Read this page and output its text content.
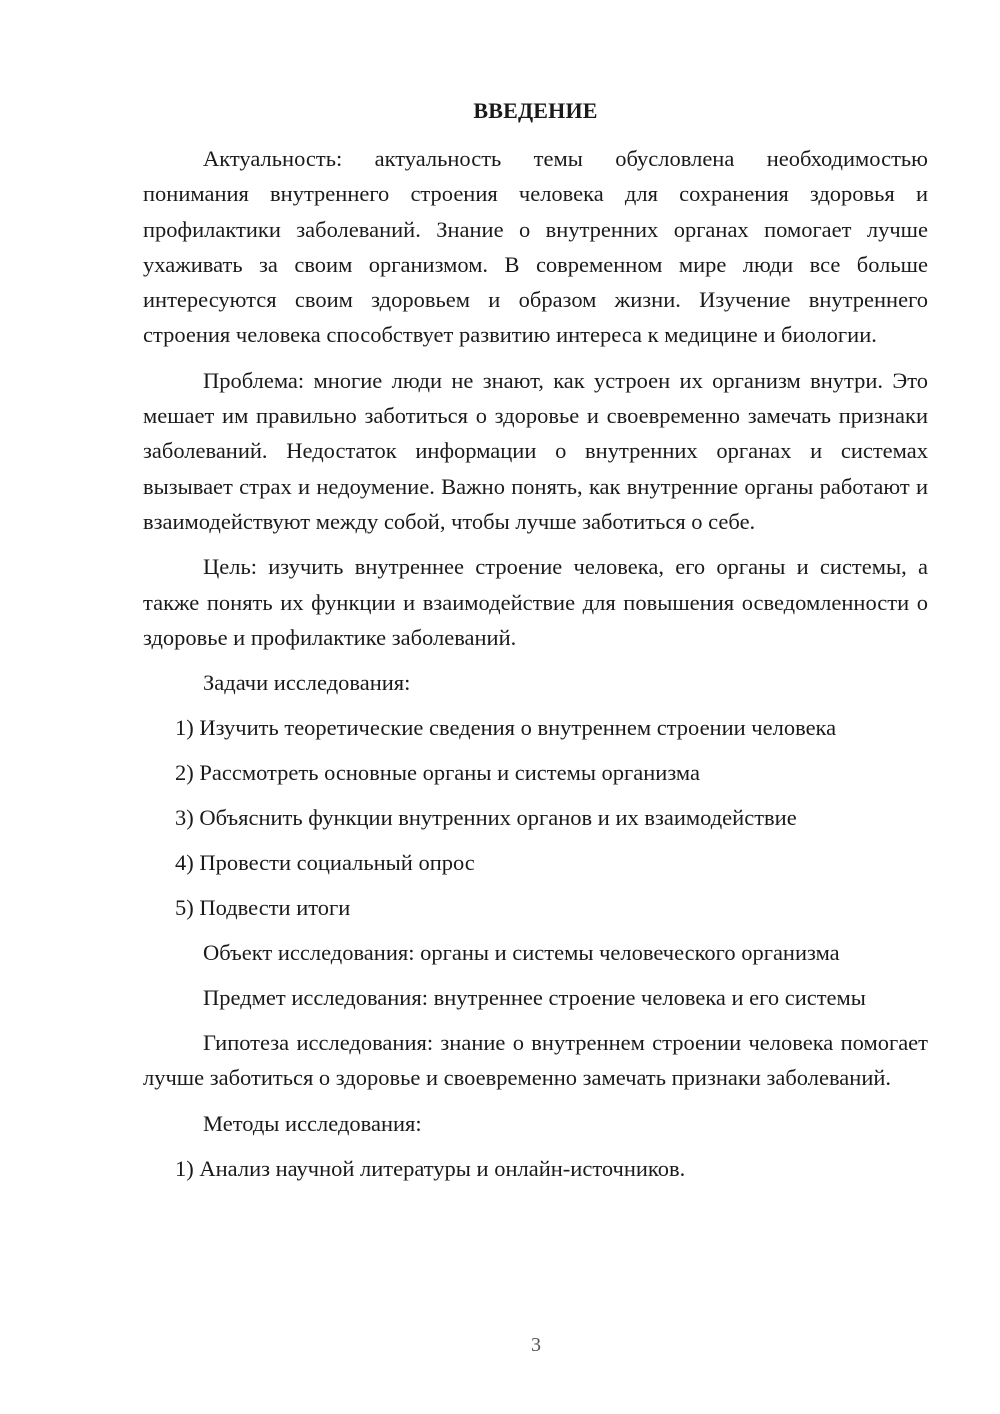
ВВЕДЕНИЕ
Актуальность: актуальность темы обусловлена необходимостью понимания внутреннего строения человека для сохранения здоровья и профилактики заболеваний. Знание о внутренних органах помогает лучше ухаживать за своим организмом. В современном мире люди все больше интересуются своим здоровьем и образом жизни. Изучение внутреннего строения человека способствует развитию интереса к медицине и биологии.
Проблема: многие люди не знают, как устроен их организм внутри. Это мешает им правильно заботиться о здоровье и своевременно замечать признаки заболеваний. Недостаток информации о внутренних органах и системах вызывает страх и недоумение. Важно понять, как внутренние органы работают и взаимодействуют между собой, чтобы лучше заботиться о себе.
Цель: изучить внутреннее строение человека, его органы и системы, а также понять их функции и взаимодействие для повышения осведомленности о здоровье и профилактике заболеваний.
Задачи исследования:
1) Изучить теоретические сведения о внутреннем строении человека
2) Рассмотреть основные органы и системы организма
3) Объяснить функции внутренних органов и их взаимодействие
4) Провести социальный опрос
5) Подвести итоги
Объект исследования: органы и системы человеческого организма
Предмет исследования: внутреннее строение человека и его системы
Гипотеза исследования: знание о внутреннем строении человека помогает лучше заботиться о здоровье и своевременно замечать признаки заболеваний.
Методы исследования:
1) Анализ научной литературы и онлайн-источников.
3
